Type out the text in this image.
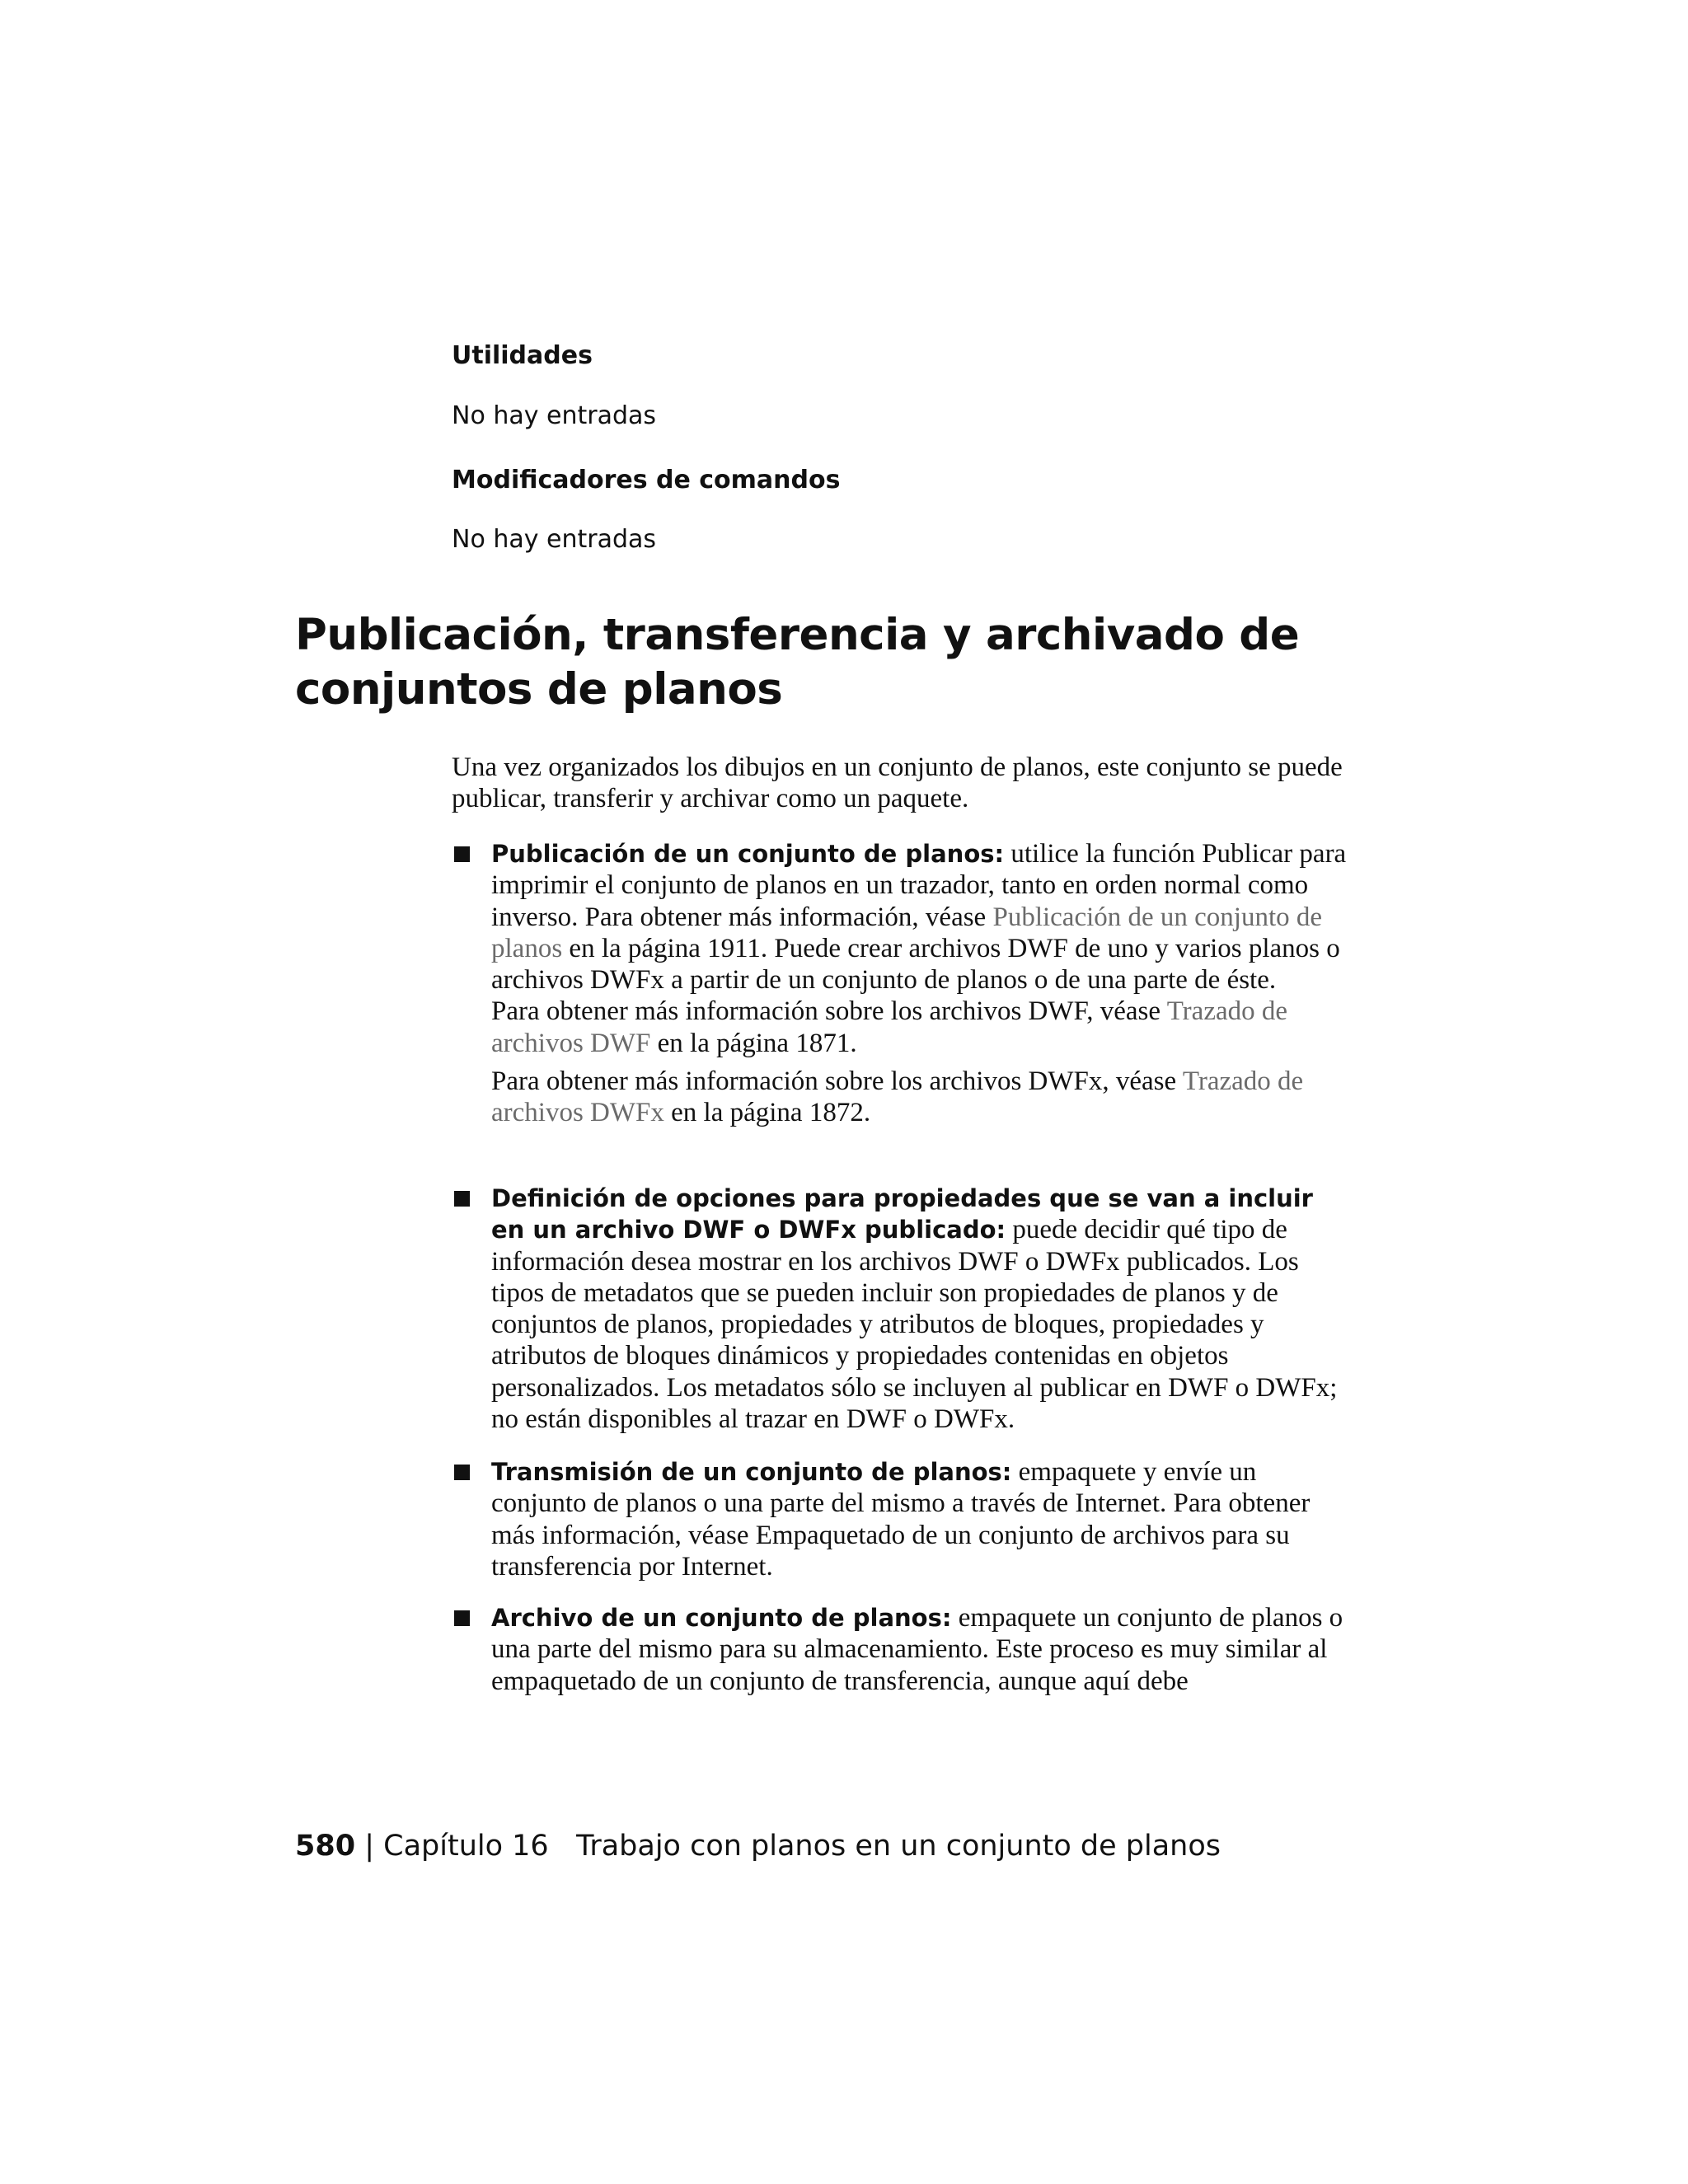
Utilidades

No hay entradas

Modificadores de comandos

No hay entradas

Publicación, transferencia y archivado de conjuntos de planos

Una vez organizados los dibujos en un conjunto de planos, este conjunto se puede publicar, transferir y archivar como un paquete.

Publicación de un conjunto de planos: utilice la función Publicar para imprimir el conjunto de planos en un trazador, tanto en orden normal como inverso. Para obtener más información, véase Publicación de un conjunto de planos en la página 1911. Puede crear archivos DWF de uno y varios planos o archivos DWFx a partir de un conjunto de planos o de una parte de éste.
Para obtener más información sobre los archivos DWF, véase Trazado de archivos DWF en la página 1871.

Para obtener más información sobre los archivos DWFx, véase Trazado de archivos DWFx en la página 1872.

Definición de opciones para propiedades que se van a incluir en un archivo DWF o DWFx publicado: puede decidir qué tipo de información desea mostrar en los archivos DWF o DWFx publicados. Los tipos de metadatos que se pueden incluir son propiedades de planos y de conjuntos de planos, propiedades y atributos de bloques, propiedades y atributos de bloques dinámicos y propiedades contenidas en objetos personalizados. Los metadatos sólo se incluyen al publicar en DWF o DWFx; no están disponibles al trazar en DWF o DWFx.

Transmisión de un conjunto de planos: empaquete y envíe un conjunto de planos o una parte del mismo a través de Internet. Para obtener más información, véase Empaquetado de un conjunto de archivos para su transferencia por Internet.

Archivo de un conjunto de planos: empaquete un conjunto de planos o una parte del mismo para su almacenamiento. Este proceso es muy similar al empaquetado de un conjunto de transferencia, aunque aquí debe

580 | Capítulo 16 Trabajo con planos en un conjunto de planos
